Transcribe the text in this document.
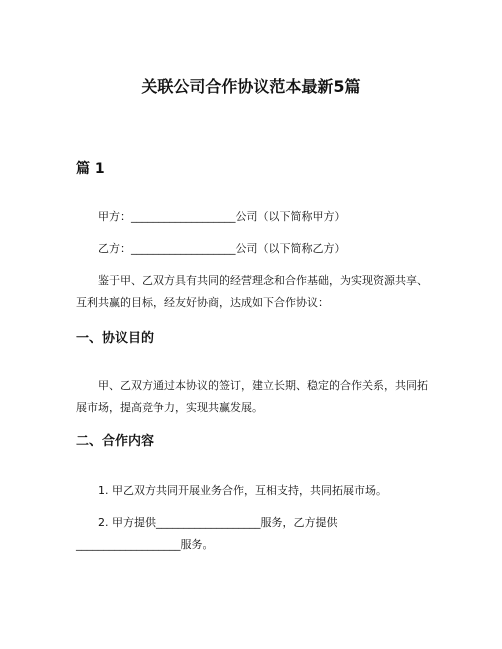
关联公司合作协议范本最新5篇
篇 1
甲方：___________________公司（以下简称甲方）
乙方：___________________公司（以下简称乙方）
鉴于甲、乙双方具有共同的经营理念和合作基础，为实现资源共享、互利共赢的目标，经友好协商，达成如下合作协议：
一、协议目的
甲、乙双方通过本协议的签订，建立长期、稳定的合作关系，共同拓展市场，提高竞争力，实现共赢发展。
二、合作内容
1. 甲乙双方共同开展业务合作，互相支持，共同拓展市场。
2. 甲方提供___________________服务，乙方提供___________________服务。
